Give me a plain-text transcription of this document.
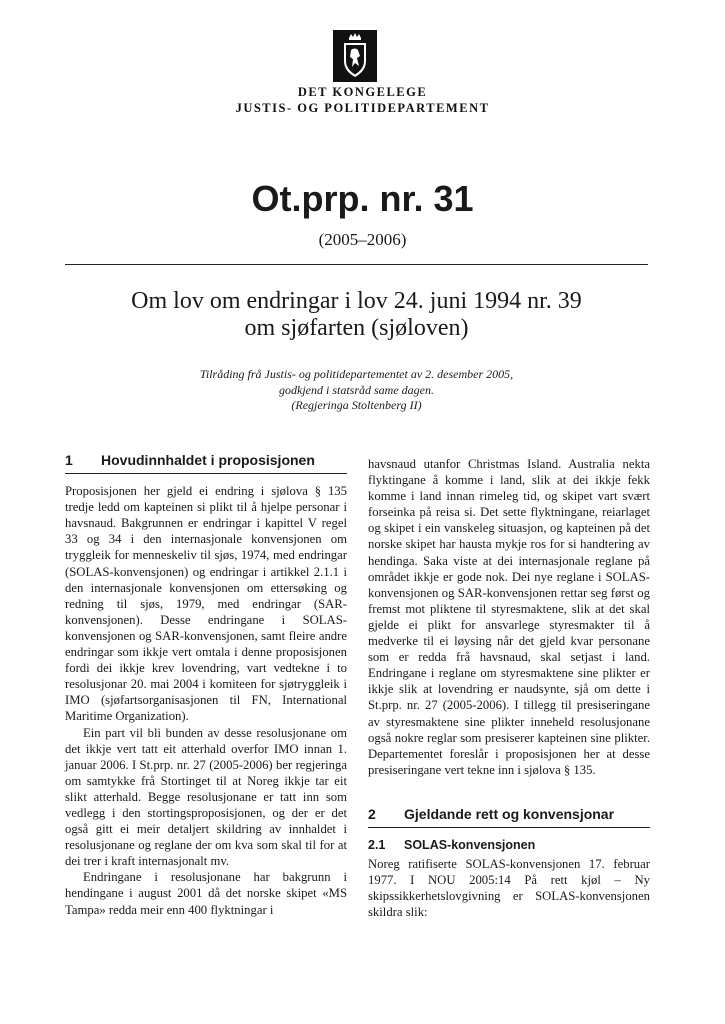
DET KONGELEGE
JUSTIS- OG POLITIDEPARTEMENT
Ot.prp. nr. 31
(2005–2006)
Om lov om endringar i lov 24. juni 1994 nr. 39
om sjøfarten (sjøloven)
Tilråding frå Justis- og politidepartementet av 2. desember 2005,
godkjend i statsråd same dagen.
(Regjeringa Stoltenberg II)
1	Hovudinnhaldet i proposisjonen

Proposisjonen her gjeld ei endring i sjølova § 135 tredje ledd om kapteinen si plikt til å hjelpe personar i havsnaud. Bakgrunnen er endringar i kapittel V regel 33 og 34 i den internasjonale konvensjonen om tryggleik for menneskeliv til sjøs, 1974, med endringar (SOLAS-konvensjonen) og endringar i artikkel 2.1.1 i den internasjonale konvensjonen om ettersøking og redning til sjøs, 1979, med endringar (SAR-konvensjonen). Desse endringane i SOLAS-konvensjonen og SAR-konvensjonen, samt fleire andre endringar som ikkje vert omtala i denne proposisjonen fordi dei ikkje krev lovendring, vart vedtekne i to resolusjonar 20. mai 2004 i komiteen for sjøtryggleik i IMO (sjøfartsorganisasjonen til FN, International Maritime Organization).

Ein part vil bli bunden av desse resolusjonane om det ikkje vert tatt eit atterhald overfor IMO innan 1. januar 2006. I St.prp. nr. 27 (2005-2006) ber regjeringa om samtykke frå Stortinget til at Noreg ikkje tar eit slikt atterhald. Begge resolusjonane er tatt inn som vedlegg i den stortingsproposisjonen, og der er det også gitt ei meir detaljert skildring av innhaldet i resolusjonane og reglane der om kva som skal til for at dei trer i kraft internasjonalt mv.

Endringane i resolusjonane har bakgrunn i hendingane i august 2001 då det norske skipet «MS Tampa» redda meir enn 400 flyktningar i

havsnaud utanfor Christmas Island. Australia nekta flyktingane å komme i land, slik at dei ikkje fekk komme i land innan rimeleg tid, og skipet vart svært forseinka på reisa si. Det sette flyktningane, reiarlaget og skipet i ein vanskeleg situasjon, og kapteinen på det norske skipet har hausta mykje ros for si handtering av hendinga. Saka viste at dei internasjonale reglane på området ikkje er gode nok. Dei nye reglane i SOLAS-konvensjonen og SAR-konvensjonen rettar seg først og fremst mot pliktene til styresmaktene, slik at det skal gjelde ei plikt for ansvarlege styresmakter til å medverke til ei løysing når det gjeld kvar personane som er redda frå havsnaud, skal setjast i land. Endringane i reglane om styresmaktene sine plikter er ikkje slik at lovendring er naudsynte, sjå om dette i St.prp. nr. 27 (2005-2006). I tillegg til presiseringane av styresmaktene sine plikter inneheld resolusjonane også nokre reglar som presiserer kapteinen sine plikter. Departementet foreslår i proposisjonen her at desse presiseringane vert tekne inn i sjølova § 135.

2	Gjeldande rett og konvensjonar
2.1	SOLAS-konvensjonen

Noreg ratifiserte SOLAS-konvensjonen 17. februar 1977. I NOU 2005:14 På rett kjøl – Ny skipssikkerhetslovgivning er SOLAS-konvensjonen skildra slik:
